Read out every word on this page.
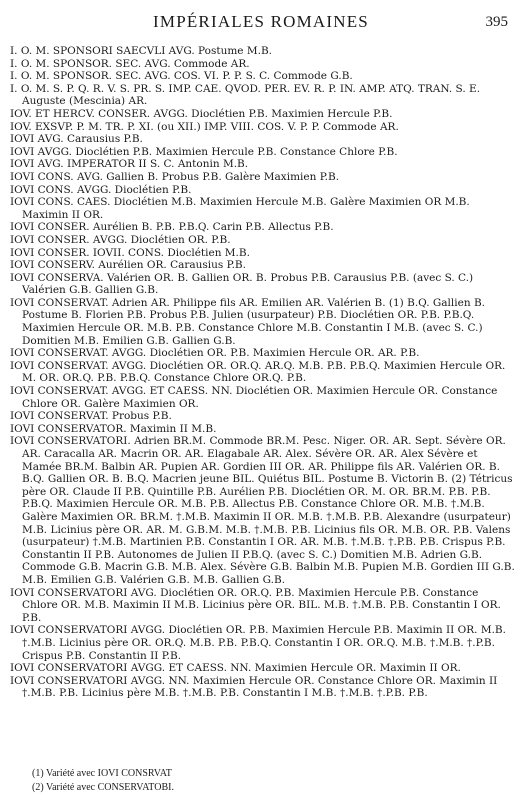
IMPÉRIALES ROMAINES	395
I. O. M. SPONSORI SAECVLI AVG. Postume M.B.
I. O. M. SPONSOR. SEC. AVG. Commode AR.
I. O. M. SPONSOR. SEC. AVG. COS. VI. P. P. S. C. Commode G.B.
I. O. M. S. P. Q. R. V. S. PR. S. IMP. CAE. QVOD. PER. EV. R. P. IN. AMP. ATQ. TRAN. S. E. Auguste (Mescinia) AR.
IOV. ET HERCV. CONSER. AVGG. Dioclétien P.B. Maximien Hercule P.B.
IOV. EXSVP. P. M. TR. P. XI. (ou XII.) IMP. VIII. COS. V. P. P. Commode AR.
IOVI AVG. Carausius P.B.
IOVI AVGG. Dioclétien P.B. Maximien Hercule P.B. Constance Chlore P.B.
IOVI AVG. IMPERATOR II S. C. Antonin M.B.
IOVI CONS. AVG. Gallien B. Probus P.B. Galère Maximien P.B.
IOVI CONS. AVGG. Dioclétien P.B.
IOVI CONS. CAES. Dioclétien M.B. Maximien Hercule M.B. Galère Maximien OR M.B. Maximin II OR.
IOVI CONSER. Aurélien B. P.B. P.B.Q. Carin P.B. Allectus P.B.
IOVI CONSER. AVGG. Dioclétien OR. P.B.
IOVI CONSER. IOVII. CONS. Dioclétien M.B.
IOVI CONSERV. Aurélien OR. Carausius P.B.
IOVI CONSERVA. Valérien OR. B. Gallien OR. B. Probus P.B. Carausius P.B. (avec S. C.) Valérien G.B. Gallien G.B.
IOVI CONSERVAT. Adrien AR. Philippe fils AR. Emilien AR. Valérien B. (1) B.Q. Gallien B. Postume B. Florien P.B. Probus P.B. Julien (usurpateur) P.B. Dioclétien OR. P.B. P.B.Q. Maximien Hercule OR. M.B. P.B. Constance Chlore M.B. Constantin I M.B. (avec S. C.) Domitien M.B. Emilien G.B. Gallien G.B.
IOVI CONSERVAT. AVGG. Dioclétien OR. P.B. Maximien Hercule OR. AR. P.B.
IOVI CONSERVAT. AVGG. Dioclétien OR. OR.Q. AR.Q. M.B. P.B. P.B.Q. Maximien Hercule OR. M. OR. OR.Q. P.B. P.B.Q. Constance Chlore OR.Q. P.B.
IOVI CONSERVAT. AVGG. ET CAESS. NN. Dioclétien OR. Maximien Hercule OR. Constance Chlore OR. Galère Maximien OR.
IOVI CONSERVAT. Probus P.B.
IOVI CONSERVATOR. Maximin II M.B.
IOVI CONSERVATORI. Adrien BR.M. Commode BR.M. Pesc. Niger. OR. AR. Sept. Sévère OR. AR. Caracalla AR. Macrin OR. AR. Elagabale AR. Alex. Sévère OR. AR. Alex Sévère et Mamée BR.M. Balbin AR. Pupien AR. Gordien III OR. AR. Philippe fils AR. Valérien OR. B. B.Q. Gallien OR. B. B.Q. Macrien jeune BIL. Quiétus BIL. Postume B. Victorin B. (2) Tétricus père OR. Claude II P.B. Quintille P.B. Aurélien P.B. Dioclétien OR. M. OR. BR.M. P.B. P.B. P.B.Q. Maximien Hercule OR. M.B. P.B. Allectus P.B. Constance Chlore OR. M.B. †.M.B. Galère Maximien OR. BR.M. †.M.B. Maximin II OR. M.B. †.M.B. P.B. Alexandre (usurpateur) M.B. Licinius père OR. AR. M. G.B.M. M.B. †.M.B. P.B. Licinius fils OR. M.B. OR. P.B. Valens (usurpateur) †.M.B. Martinien P.B. Constantin I OR. AR. M.B. †.M.B. †.P.B. P.B. Crispus P.B. Constantin II P.B. Autonomes de Julien II P.B.Q. (avec S. C.) Domitien M.B. Adrien G.B. Commode G.B. Macrin G.B. M.B. Alex. Sévère G.B. Balbin M.B. Pupien M.B. Gordien III G.B. M.B. Emilien G.B. Valérien G.B. M.B. Gallien G.B.
IOVI CONSERVATORI AVG. Dioclétien OR. OR.Q. P.B. Maximien Hercule P.B. Constance Chlore OR. M.B. Maximin II M.B. Licinius père OR. BIL. M.B. †.M.B. P.B. Constantin I OR. P.B.
IOVI CONSERVATORI AVGG. Dioclétien OR. P.B. Maximien Hercule P.B. Maximin II OR. M.B. †.M.B. Licinius père OR. OR.Q. M.B. P.B. P.B.Q. Constantin I OR. OR.Q. M.B. †.M.B. †.P.B. Crispus P.B. Constantin II P.B.
IOVI CONSERVATORI AVGG. ET CAESS. NN. Maximien Hercule OR. Maximin II OR.
IOVI CONSERVATORI AVGG. NN. Maximien Hercule OR. Constance Chlore OR. Maximin II †.M.B. P.B. Licinius père M.B. †.M.B. P.B. Constantin I M.B. †.M.B. †.P.B. P.B.
(1) Variété avec IOVI CONSRVAT
(2) Variété avec CONSERVATOBI.
